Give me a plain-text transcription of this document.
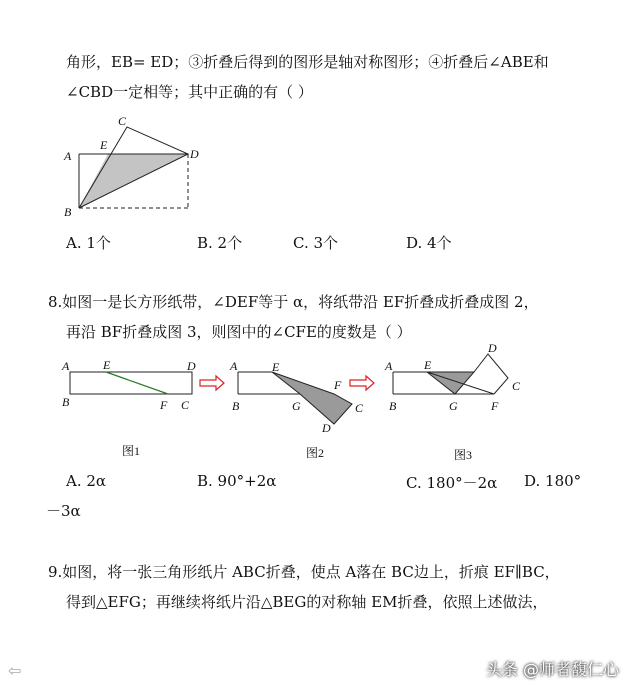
角形，EB= ED；③折叠后得到的图形是轴对称图形；④折叠后∠ABE和
∠CBD一定相等；其中正确的有（ ）
A
B
C
D
E
A. 1个	B. 2个	C. 3个	D. 4个
8.如图一是长方形纸带，∠DEF等于 α，将纸带沿 EF折叠成折叠成图 2，
再沿 BF折叠成图 3，则图中的∠CFE的度数是（ ）
A	E	D
B	F C
A	E
F
B	G	C
D
A	E
D
C
B	G	F
图1	图2	图3
A. 2α	B. 90°+2α	C. 180°－2α D. 180°
－3α
9.如图，将一张三角形纸片 ABC折叠，使点 A落在 BC边上，折痕 EF∥BC，
得到△EFG；再继续将纸片沿△BEG的对称轴 EM折叠，依照上述做法，
⇦	头条 @师者馥仁心
